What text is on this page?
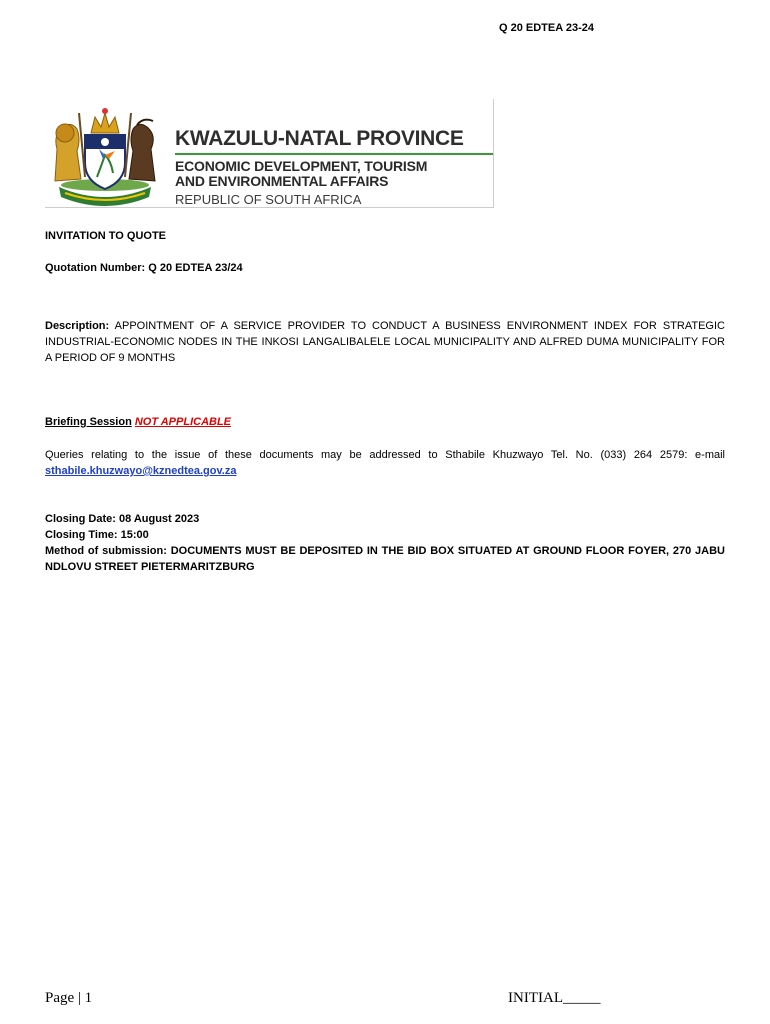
Q 20 EDTEA 23-24
KWAZULU-NATAL PROVINCE
ECONOMIC DEVELOPMENT, TOURISM
AND ENVIRONMENTAL AFFAIRS
REPUBLIC OF SOUTH AFRICA
INVITATION TO QUOTE
Quotation Number: Q 20 EDTEA 23/24
Description: APPOINTMENT OF A SERVICE PROVIDER TO CONDUCT A BUSINESS ENVIRONMENT INDEX FOR STRATEGIC INDUSTRIAL-ECONOMIC NODES IN THE INKOSI LANGALIBALELE LOCAL MUNICIPALITY AND ALFRED DUMA MUNICIPALITY FOR A PERIOD OF 9 MONTHS
Briefing Session NOT APPLICABLE
Queries relating to the issue of these documents may be addressed to Sthabile Khuzwayo Tel. No. (033) 264 2579: e-mail sthabile.khuzwayo@kznedtea.gov.za
Closing Date: 08 August 2023
Closing Time: 15:00
Method of submission: DOCUMENTS MUST BE DEPOSITED IN THE BID BOX SITUATED AT GROUND FLOOR FOYER, 270 JABU NDLOVU STREET PIETERMARITZBURG
Page | 1	INITIAL_____
